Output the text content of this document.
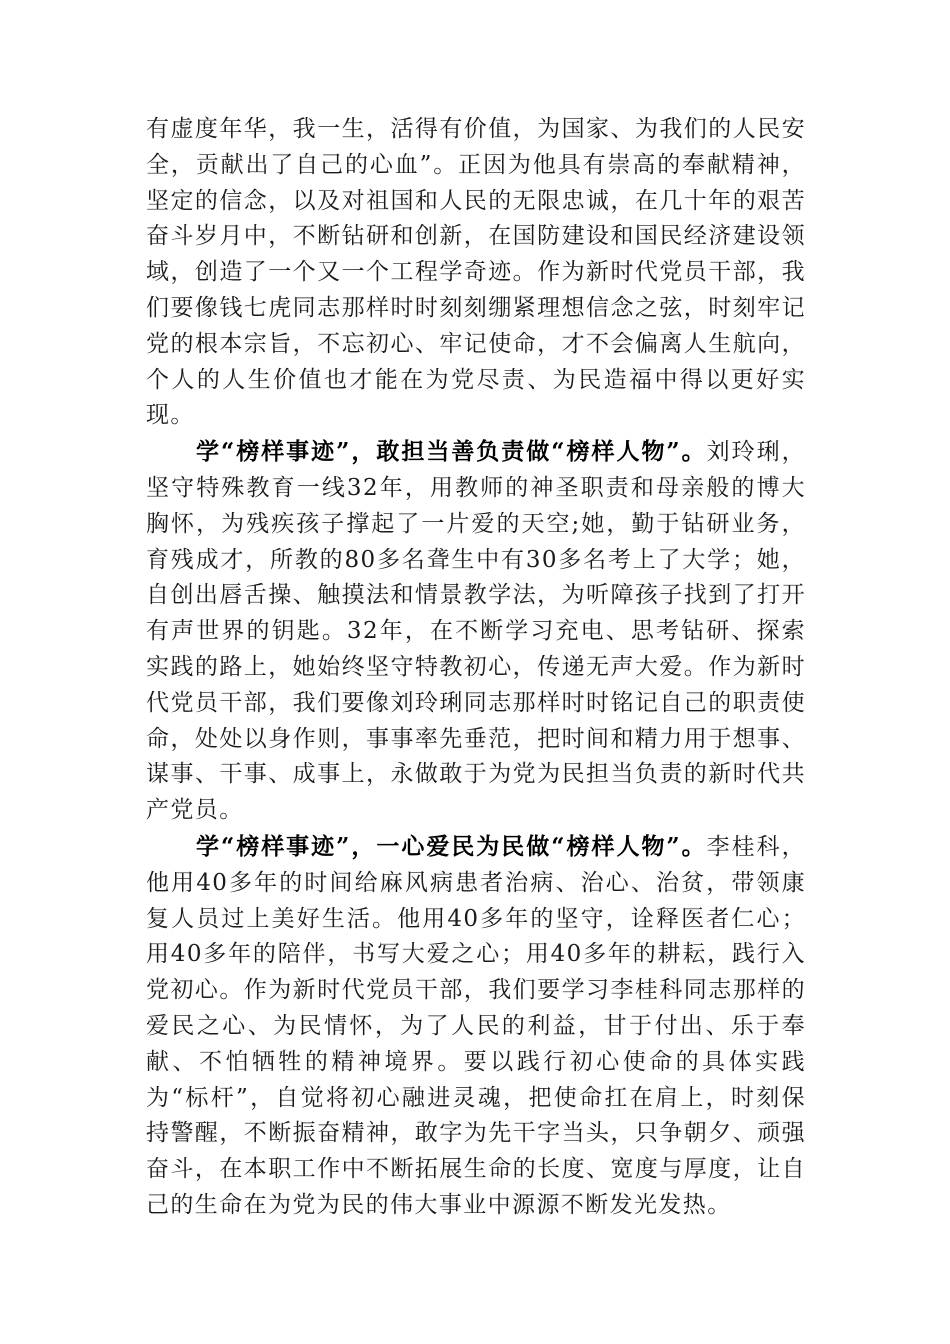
有虚度年华，我一生，活得有价值，为国家、为我们的人民安全，贡献出了自己的心血”。正因为他具有崇高的奉献精神，坚定的信念，以及对祖国和人民的无限忠诚，在几十年的艰苦奋斗岁月中，不断钻研和创新，在国防建设和国民经济建设领域，创造了一个又一个工程学奇迹。作为新时代党员干部，我们要像钱七虎同志那样时时刻刻绷紧理想信念之弦，时刻牢记党的根本宗旨，不忘初心、牢记使命，才不会偏离人生航向，个人的人生价值也才能在为党尽责、为民造福中得以更好实现。

学“榜样事迹”，敢担当善负责做“榜样人物”。刘玲琍，坚守特殊教育一线32年，用教师的神圣职责和母亲般的博大胸怀，为残疾孩子撑起了一片爱的天空;她，勤于钻研业务，育残成才，所教的80多名聋生中有30多名考上了大学；她，自创出唇舌操、触摸法和情景教学法，为听障孩子找到了打开有声世界的钥匙。32年，在不断学习充电、思考钻研、探索实践的路上，她始终坚守特教初心，传递无声大爱。作为新时代党员干部，我们要像刘玲琍同志那样时时铭记自己的职责使命，处处以身作则，事事率先垂范，把时间和精力用于想事、谋事、干事、成事上，永做敢于为党为民担当负责的新时代共产党员。

学“榜样事迹”，一心爱民为民做“榜样人物”。李桂科，他用40多年的时间给麻风病患者治病、治心、治贫，带领康复人员过上美好生活。他用40多年的坚守，诠释医者仁心；用40多年的陪伴，书写大爱之心；用40多年的耕耘，践行入党初心。作为新时代党员干部，我们要学习李桂科同志那样的爱民之心、为民情怀，为了人民的利益，甘于付出、乐于奉献、不怕牺牲的精神境界。要以践行初心使命的具体实践为“标杆”，自觉将初心融进灵魂，把使命扛在肩上，时刻保持警醒，不断振奋精神，敢字为先干字当头，只争朝夕、顽强奋斗，在本职工作中不断拓展生命的长度、宽度与厚度，让自己的生命在为党为民的伟大事业中源源不断发光发热。
